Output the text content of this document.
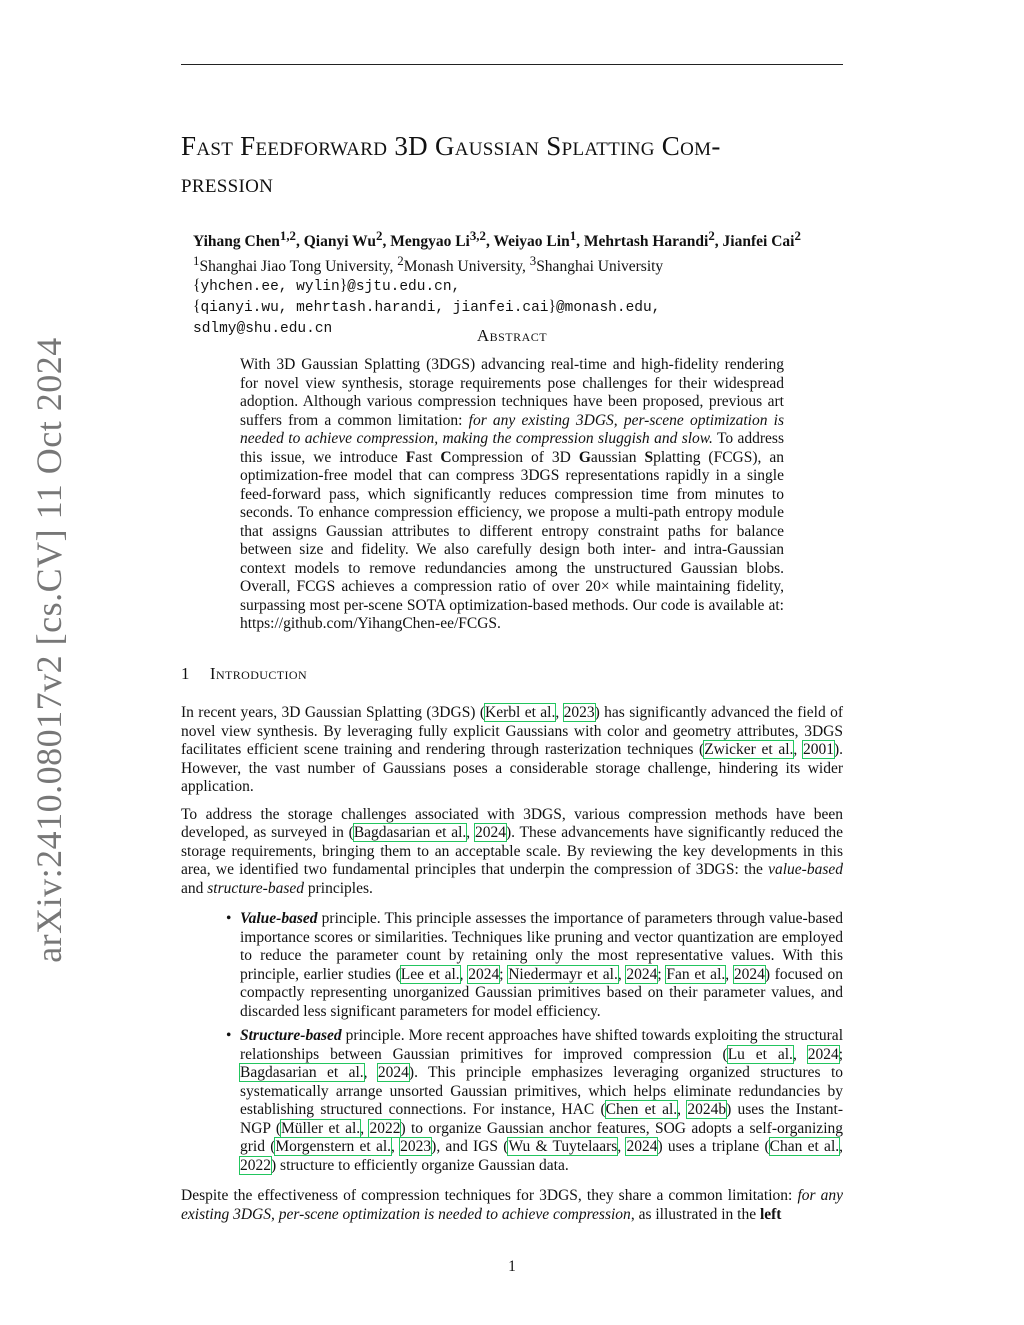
arXiv:2410.08017v2 [cs.CV] 11 Oct 2024
Fast Feedforward 3D Gaussian Splatting Com-
pression
Yihang Chen$^{1,2}$, Qianyi Wu$^2$, Mengyao Li$^{3,2}$, Weiyao Lin$^1$, Mehrtash Harandi$^2$, Jianfei Cai$^2$
$^1$Shanghai Jiao Tong University, $^2$Monash University, $^3$Shanghai University
{yhchen.ee, wylin}@sjtu.edu.cn,
{qianyi.wu, mehrtash.harandi, jianfei.cai}@monash.edu,
sdlmy@shu.edu.cn	Abstract
With 3D Gaussian Splatting (3DGS) advancing real-time and high-fidelity rendering for novel view synthesis, storage requirements pose challenges for their widespread adoption. Although various compression techniques have been proposed, previous art suffers from a common limitation: for any existing 3DGS, per-scene optimization is needed to achieve compression, making the compression sluggish and slow. To address this issue, we introduce Fast Compression of 3D Gaussian Splatting (FCGS), an optimization-free model that can compress 3DGS representations rapidly in a single feed-forward pass, which significantly reduces compression time from minutes to seconds. To enhance compression efficiency, we propose a multi-path entropy module that assigns Gaussian attributes to different entropy constraint paths for balance between size and fidelity. We also carefully design both inter- and intra-Gaussian context models to remove redundancies among the unstructured Gaussian blobs. Overall, FCGS achieves a compression ratio of over 20× while maintaining fidelity, surpassing most per-scene SOTA optimization-based methods. Our code is available at: https://github.com/YihangChen-ee/FCGS.
1 Introduction

In recent years, 3D Gaussian Splatting (3DGS) (Kerbl et al., 2023) has significantly advanced the field of novel view synthesis. By leveraging fully explicit Gaussians with color and geometry attributes, 3DGS facilitates efficient scene training and rendering through rasterization techniques (Zwicker et al., 2001). However, the vast number of Gaussians poses a considerable storage challenge, hindering its wider application.

To address the storage challenges associated with 3DGS, various compression methods have been developed, as surveyed in (Bagdasarian et al., 2024). These advancements have significantly reduced the storage requirements, bringing them to an acceptable scale. By reviewing the key developments in this area, we identified two fundamental principles that underpin the compression of 3DGS: the value-based and structure-based principles.

• Value-based principle. This principle assesses the importance of parameters through value-based importance scores or similarities. Techniques like pruning and vector quantization are employed to reduce the parameter count by retaining only the most representative values. With this principle, earlier studies (Lee et al., 2024; Niedermayr et al., 2024; Fan et al., 2024) focused on compactly representing unorganized Gaussian primitives based on their parameter values, and discarded less significant parameters for model efficiency.
• Structure-based principle. More recent approaches have shifted towards exploiting the structural relationships between Gaussian primitives for improved compression (Lu et al., 2024; Bagdasarian et al., 2024). This principle emphasizes leveraging organized structures to systematically arrange unsorted Gaussian primitives, which helps eliminate redundancies by establishing structured connections. For instance, HAC (Chen et al., 2024b) uses the Instant-NGP (Müller et al., 2022) to organize Gaussian anchor features, SOG adopts a self-organizing grid (Morgenstern et al., 2023), and IGS (Wu & Tuytelaars, 2024) uses a triplane (Chan et al., 2022) structure to efficiently organize Gaussian data.

Despite the effectiveness of compression techniques for 3DGS, they share a common limitation: for any existing 3DGS, per-scene optimization is needed to achieve compression, as illustrated in the left

1
